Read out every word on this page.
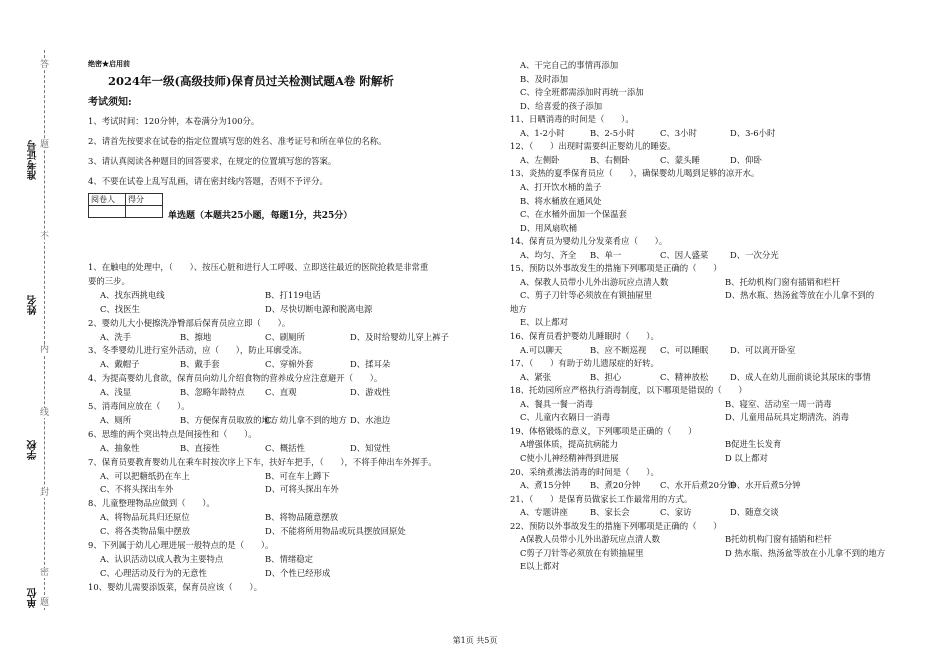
答
题
不
内
线
封
密
题
准考证号
姓名
学校
单位
绝密★启用前
2024年一级(高级技师)保育员过关检测试题A卷 附解析
考试须知:
1、考试时间：120分钟，本卷满分为100分。
2、请首先按要求在试卷的指定位置填写您的姓名、准考证号和所在单位的名称。
3、请认真阅读各种题目的回答要求，在规定的位置填写您的答案。
4、不要在试卷上乱写乱画，请在密封线内答题，否则不予评分。
阅卷人	得分

单选题（本题共25小题，每题1分，共25分）
1、在触电的处理中，（　　）、按压心脏和进行人工呼吸、立即送往最近的医院抢救是非常重
要的三步。
A、找东西挑电线	B、打119电话
C、找医生	D、尽快切断电源和脱离电源
2、婴幼儿大小便擦洗净臀部后保育员应立即（　　）。
A、洗手	B、擦地	C、刷厕所	D、及时给婴幼儿穿上裤子
3、冬季婴幼儿进行室外活动，应（　　），防止耳廓受冻。
A、戴帽子	B、戴手套	C、穿棉外套	D、揉耳朵
4、为提高婴幼儿食欲，保育员向幼儿介绍食物的营养成分应注意避开（　　）。
A、浅显	B、忽略年龄特点 C、直观	D、游戏性
5、消毒间应放在（　　）。
A、厕所	B、方便保育员取放的地方
C、幼儿拿不到的地方 D、水池边
6、思维的两个突出特点是间接性和（　　）。
A、抽象性	B、直接性	C、概括性	D、知觉性
7、保育员要教育婴幼儿在乘车时按次序上下车，扶好车把手，（　　），不将手伸出车外挥手。
A、可以把糖纸扔在车上	B、可在车上蹲下
C、不将头探出车外	D、可将头探出车外
8、儿童整理物品应做到（　　）。
A、将物品玩具归还原位	B、将物品随意摆放
C、将各类物品集中摆放	D、不能将所用物品或玩具摆放回原处
9、下列属于幼儿心理进展一般特点的是（　　）。
A、认识活动以成人教为主要特点	B、情绪稳定
C、心理活动及行为的无意性	D、个性已经形成
10、婴幼儿需要添饭菜，保育员应该（　　）。
A、干完自己的事情再添加
B、及时添加
C、待全班都需添加时再统一添加
D、给喜爱的孩子添加
11、日晒消毒的时间是（　　）。
A、1-2小时	B、2-5小时	C、3小时	D、3-6小时
12、（　　）出现时需要纠正婴幼儿的睡姿。
A、左侧卧	B、右侧卧	C、蒙头睡	D、仰卧
13、炎热的夏季保育员应（　　），确保婴幼儿喝到足够的凉开水。
A、打开饮水桶的盖子
B、将水桶放在通风处
C、在水桶外面加一个保温套
D、用风扇吹桶
14、保育员为婴幼儿分发菜肴应（　　）。
A、均匀、齐全 B、单一	C、因人盛菜	D、一次分光
15、预防以外事故发生的措施下列哪项是正确的（　　）
A、保教人员带小儿外出游玩应点清人数	B、托幼机构门窗有插销和栏杆
C、剪子刀针等必须放在有锁抽屉里	D、热水瓶、热汤盆等放在小儿拿不到的
地方
E、以上都对
16、保育员看护婴幼儿睡眠时（　　）。
A.可以聊天	B、应不断巡视 C、可以睡眠	D、可以离开卧室
17、（　　）有助于幼儿遗尿症的好转。
A、紧张	B、担心	C、精神放松	D、成人在幼儿面前谈论其尿床的事情
18、托幼园所应严格执行消毒制度，以下哪项是错误的（　　）
A、餐具一餐一消毒	B、寝室、活动室一周一消毒
C、儿童内衣隔日一消毒	D、儿童用品玩具定期清洗、消毒
19、体格锻炼的意义，下列哪项是正确的（　　）
A增强体质，提高抗病能力	B促进生长发育
C使小儿神经精神得到进展	D 以上都对
20、采纳煮沸法消毒的时间是（　　）。
A、煮15分钟 B、煮20分钟 C、水开后煮20分钟
D、水开后煮5分钟
21、（　　）是保育员做家长工作最常用的方式。
A、专题讲座	B、家长会	C、家访	D、随意交谈
22、预防以外事故发生的措施下列哪项是正确的（　　）
A保教人员带小儿外出游玩应点清人数	B托幼机构门窗有插销和栏杆
C剪子刀针等必须放在有锁抽屉里	D 热水瓶、热汤盆等放在小儿拿不到的地方
E以上都对
第1页 共5页
